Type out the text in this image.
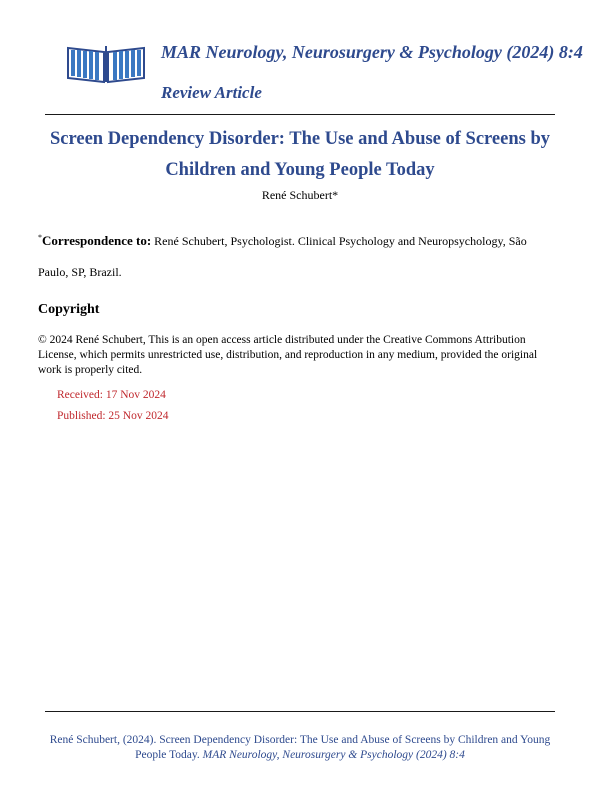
MAR Neurology, Neurosurgery & Psychology (2024) 8:4
Review Article
Screen Dependency Disorder: The Use and Abuse of Screens by Children and Young People Today
René Schubert*
*Correspondence to: René Schubert, Psychologist. Clinical Psychology and Neuropsychology, São Paulo, SP, Brazil.
Copyright
© 2024 René Schubert, This is an open access article distributed under the Creative Commons Attribution License, which permits unrestricted use, distribution, and reproduction in any medium, provided the original work is properly cited.
Received: 17 Nov 2024
Published: 25 Nov 2024
René Schubert, (2024). Screen Dependency Disorder: The Use and Abuse of Screens by Children and Young People Today. MAR Neurology, Neurosurgery & Psychology (2024) 8:4
